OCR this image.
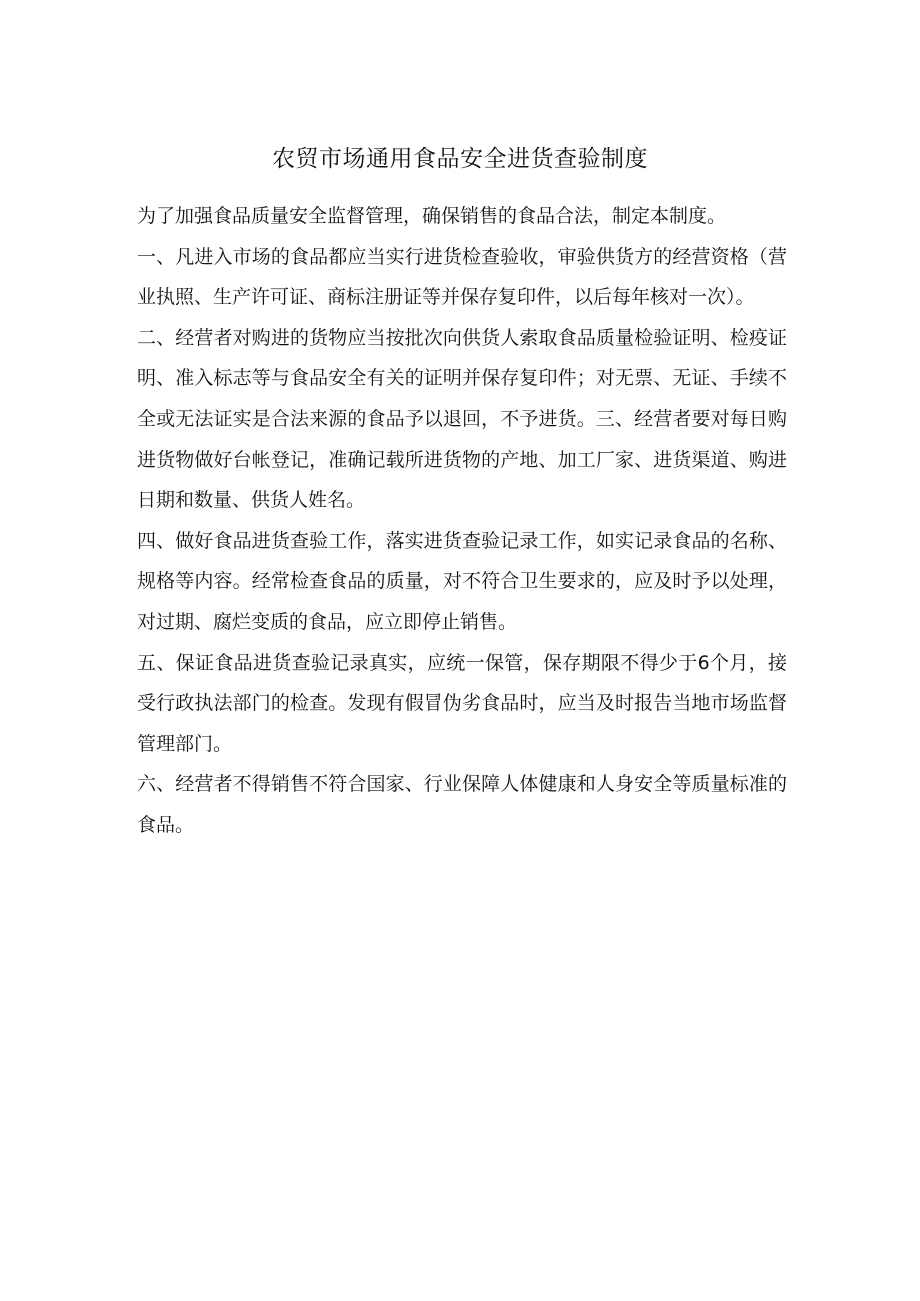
农贸市场通用食品安全进货查验制度

为了加强食品质量安全监督管理，确保销售的食品合法，制定本制度。

一、凡进入市场的食品都应当实行进货检查验收，审验供货方的经营资格（营业执照、生产许可证、商标注册证等并保存复印件，以后每年核对一次）。

二、经营者对购进的货物应当按批次向供货人索取食品质量检验证明、检疫证明、准入标志等与食品安全有关的证明并保存复印件；对无票、无证、手续不全或无法证实是合法来源的食品予以退回，不予进货。三、经营者要对每日购进货物做好台帐登记，准确记载所进货物的产地、加工厂家、进货渠道、购进日期和数量、供货人姓名。

四、做好食品进货查验工作，落实进货查验记录工作，如实记录食品的名称、规格等内容。经常检查食品的质量，对不符合卫生要求的，应及时予以处理，对过期、腐烂变质的食品，应立即停止销售。

五、保证食品进货查验记录真实，应统一保管，保存期限不得少于6个月，接受行政执法部门的检查。发现有假冒伪劣食品时，应当及时报告当地市场监督管理部门。

六、经营者不得销售不符合国家、行业保障人体健康和人身安全等质量标准的食品。
